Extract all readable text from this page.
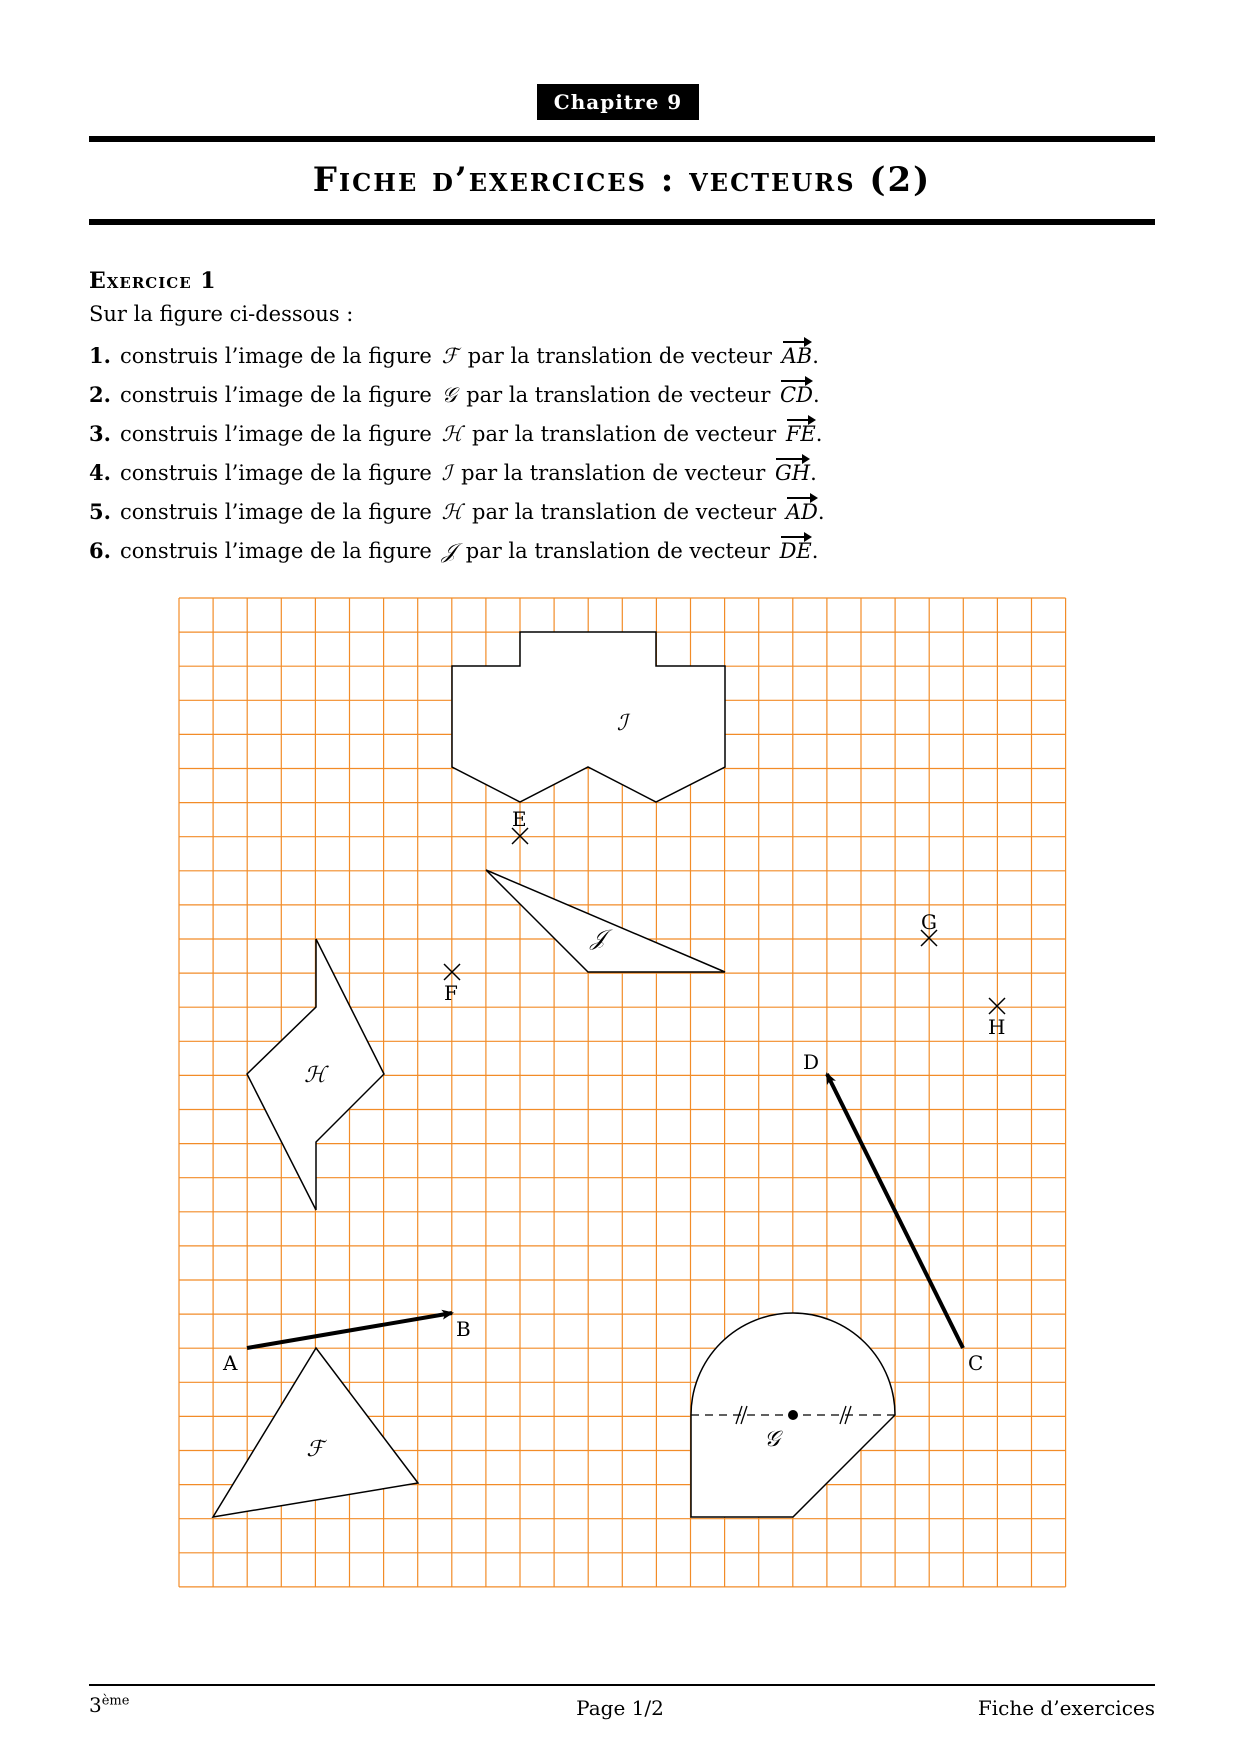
Chapitre 9
Fiche d’exercices : vecteurs (2)
Exercice 1
Sur la figure ci-dessous :
1. construis l’image de la figure ℱ par la translation de vecteur AB.
2. construis l’image de la figure 𝒢 par la translation de vecteur CD.
3. construis l’image de la figure ℋ par la translation de vecteur FE.
4. construis l’image de la figure ℐ par la translation de vecteur GH.
5. construis l’image de la figure ℋ par la translation de vecteur AD.
6. construis l’image de la figure 𝒥 par la translation de vecteur DE.
ℐ
𝒥
ℋ
ℱ	𝒢
A
B
C
D
E
F
G
H
3ème	Page 1/2	Fiche d’exercices
